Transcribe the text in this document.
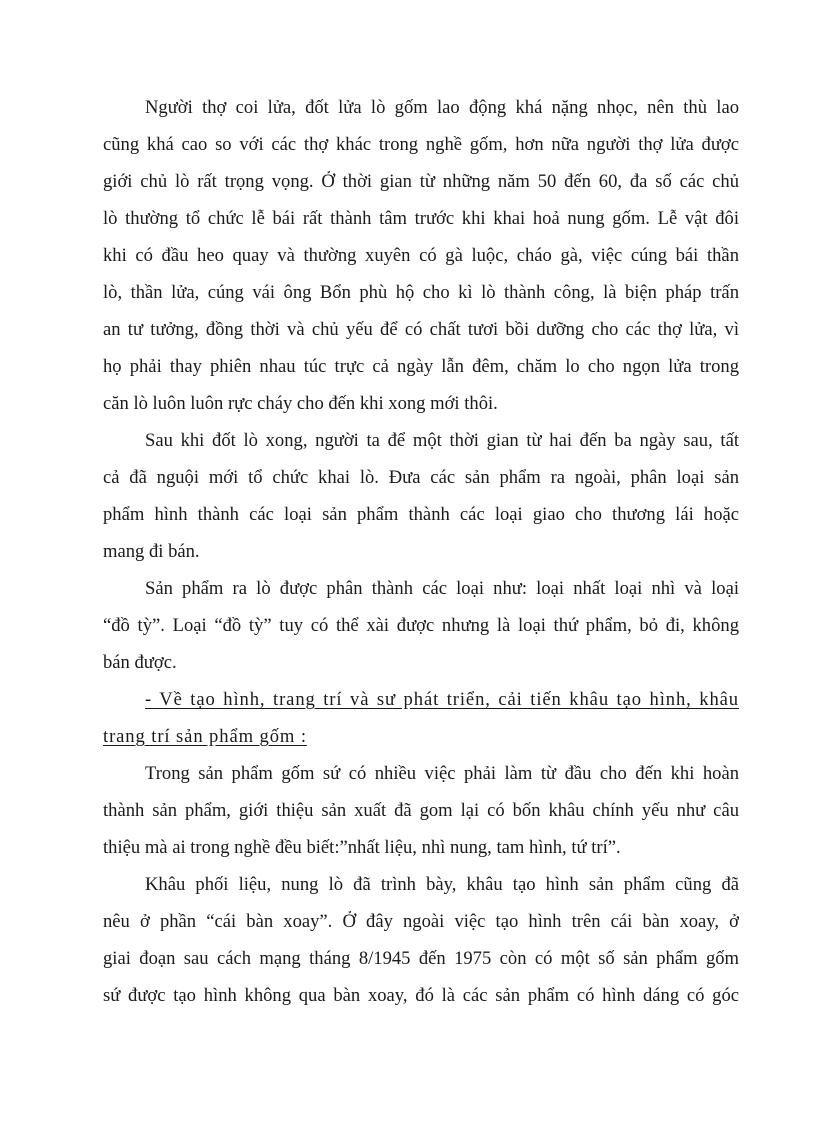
Người thợ coi lửa, đốt lửa lò gốm lao động khá nặng nhọc, nên thù lao
cũng khá cao so với các thợ khác trong nghề gốm, hơn nữa người thợ lửa được
giới chủ lò rất trọng vọng. Ở thời gian từ những năm 50 đến 60, đa số các chủ
lò thường tổ chức lễ bái rất thành tâm trước khi khai hoả nung gốm. Lễ vật đôi
khi có đầu heo quay và thường xuyên có gà luộc, cháo gà, việc cúng bái thần
lò, thần lửa, cúng vái ông Bổn phù hộ cho kì lò thành công, là biện pháp trấn
an tư tưởng, đồng thời và chủ yếu để có chất tươi bồi dưỡng cho các thợ lửa, vì
họ phải thay phiên nhau túc trực cả ngày lẫn đêm, chăm lo cho ngọn lửa trong
căn lò luôn luôn rực cháy cho đến khi xong mới thôi.
Sau khi đốt lò xong, người ta để một thời gian từ hai đến ba ngày sau, tất
cả đã nguội mới tổ chức khai lò. Đưa các sản phẩm ra ngoài, phân loại sản
phẩm hình thành các loại sản phẩm thành các loại giao cho thương lái hoặc
mang đi bán.
Sản phẩm ra lò được phân thành các loại như: loại nhất loại nhì và loại
“đồ tỳ”. Loại “đồ tỳ” tuy có thể xài được nhưng là loại thứ phẩm, bỏ đi, không
bán được.
- Về tạo hình, trang trí và sư phát triển, cải tiến khâu tạo hình, khâu
trang trí sản phẩm gốm :
Trong sản phẩm gốm sứ có nhiều việc phải làm từ đầu cho đến khi hoàn
thành sản phẩm, giới thiệu sản xuất đã gom lại có bốn khâu chính yếu như câu
thiệu mà ai trong nghề đều biết:”nhất liệu, nhì nung, tam hình, tứ trí”.
Khâu phối liệu, nung lò đã trình bày, khâu tạo hình sản phẩm cũng đã
nêu ở phần “cái bàn xoay”. Ở đây ngoài việc tạo hình trên cái bàn xoay, ở
giai đoạn sau cách mạng tháng 8/1945 đến 1975 còn có một số sản phẩm gốm
sứ được tạo hình không qua bàn xoay, đó là các sản phẩm có hình dáng có góc
